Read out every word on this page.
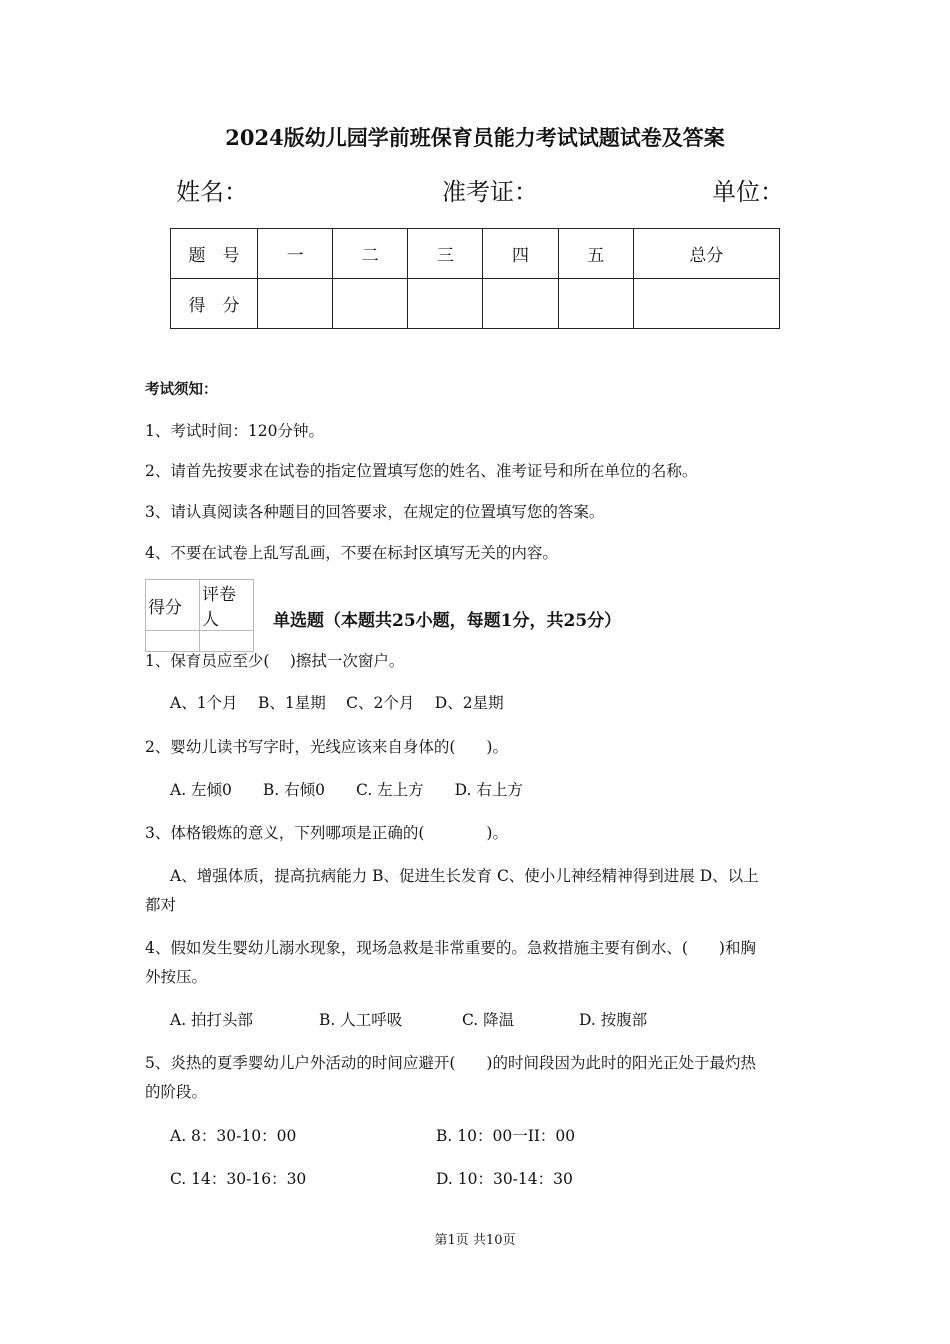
2024版幼儿园学前班保育员能力考试试题试卷及答案
姓名：	准考证：	单位：
题　号	一	二	三	四	五	总分
得　分						
考试须知：
1、考试时间：120分钟。
2、请首先按要求在试卷的指定位置填写您的姓名、准考证号和所在单位的名称。
3、请认真阅读各种题目的回答要求，在规定的位置填写您的答案。
4、不要在试卷上乱写乱画，不要在标封区填写无关的内容。
得分	评卷人
		单选题（本题共25小题，每题1分，共25分）
1、保育员应至少(　 )擦拭一次窗户。
A、1个月　 B、1星期　 C、2个月　 D、2星期
2、婴幼儿读书写字时，光线应该来自身体的(　　)。
A. 左倾0　　B. 右倾0　　C. 左上方　　D. 右上方
3、体格锻炼的意义，下列哪项是正确的(　　　　)。
A、增强体质，提高抗病能力 B、促进生长发育 C、使小儿神经精神得到进展 D、以上
都对
4、假如发生婴幼儿溺水现象，现场急救是非常重要的。急救措施主要有倒水、(　　)和胸
外按压。
A. 拍打头部	B. 人工呼吸	C. 降温	D. 按腹部
5、炎热的夏季婴幼儿户外活动的时间应避开(　　)的时间段因为此时的阳光正处于最灼热
的阶段。
A. 8：30-10：00	B. 10：00一II：00
C. 14：30-16：30	D. 10：30-14：30
第1页 共10页
